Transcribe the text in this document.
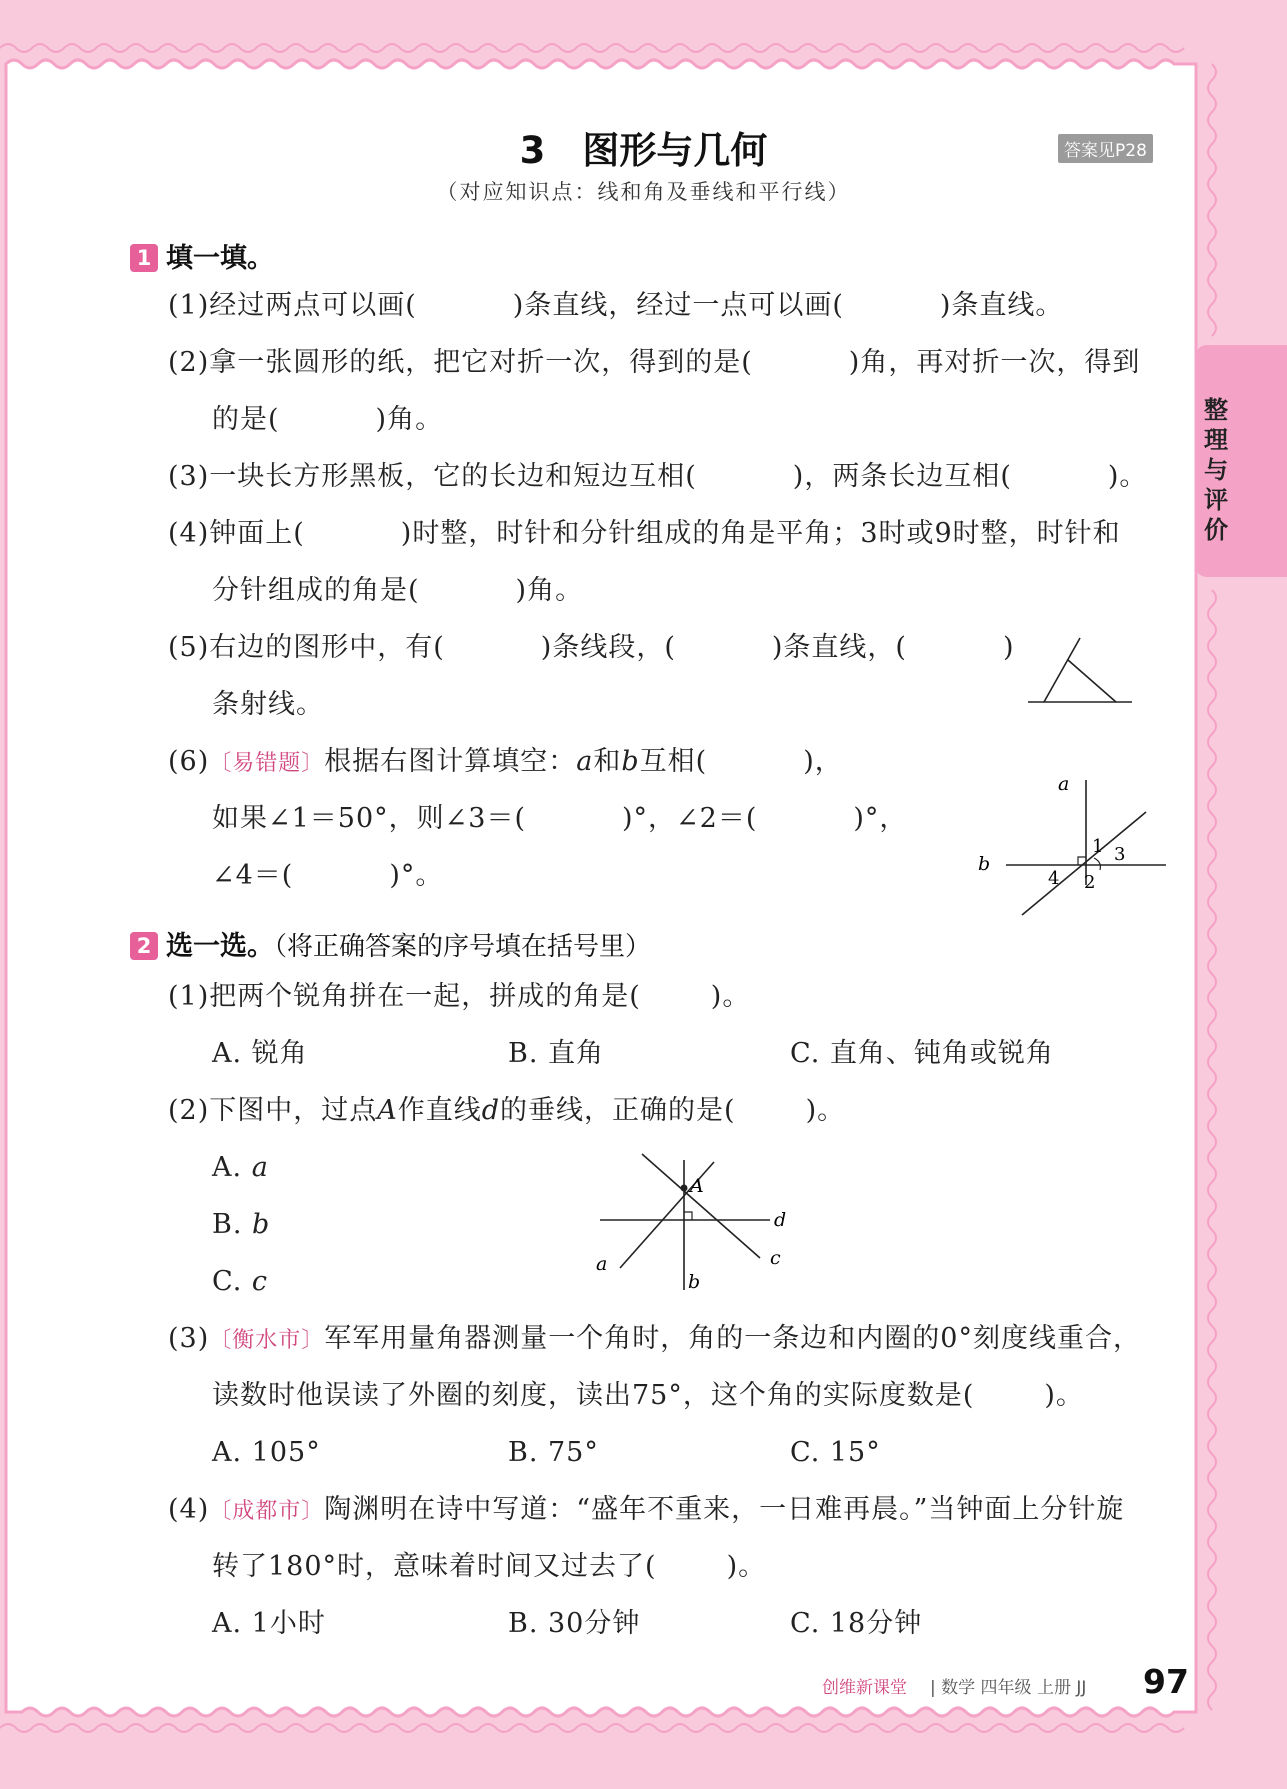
整理与评价
3　图形与几何	答案见P28
（对应知识点：线和角及垂线和平行线）
1 填一填。
(1)经过两点可以画(	)条直线，经过一点可以画(	)条直线。
(2)拿一张圆形的纸，把它对折一次，得到的是(	)角，再对折一次，得到
的是(	)角。
(3)一块长方形黑板，它的长边和短边互相(	)，两条长边互相(	)。
(4)钟面上(	)时整，时针和分针组成的角是平角；3时或9时整，时针和
分针组成的角是(	)角。
(5)右边的图形中，有(	)条线段，(	)条直线，(	)
条射线。
(6)〔易错题〕根据右图计算填空：a和b互相(	)，
如果∠1＝50°，则∠3＝(	)°，∠2＝(	)°，
∠4＝(	)°。
a
b
1 3
2
4
2 选一选。（将正确答案的序号填在括号里）
(1)把两个锐角拼在一起，拼成的角是(	)。
A. 锐角	B. 直角	C. 直角、钝角或锐角
(2)下图中，过点A作直线d的垂线，正确的是(	)。
A. a
B. b
C. c
(3)〔衡水市〕军军用量角器测量一个角时，角的一条边和内圈的0°刻度线重合，
读数时他误读了外圈的刻度，读出75°，这个角的实际度数是(	)。
A. 105°	B. 75°	C. 15°
(4)〔成都市〕陶渊明在诗中写道：“盛年不重来，一日难再晨。”当钟面上分针旋
转了180°时，意味着时间又过去了(	)。
A. 1小时	B. 30分钟	C. 18分钟
A
d
a
b
c
创维新课堂 | 数学 四年级 上册 JJ 97
